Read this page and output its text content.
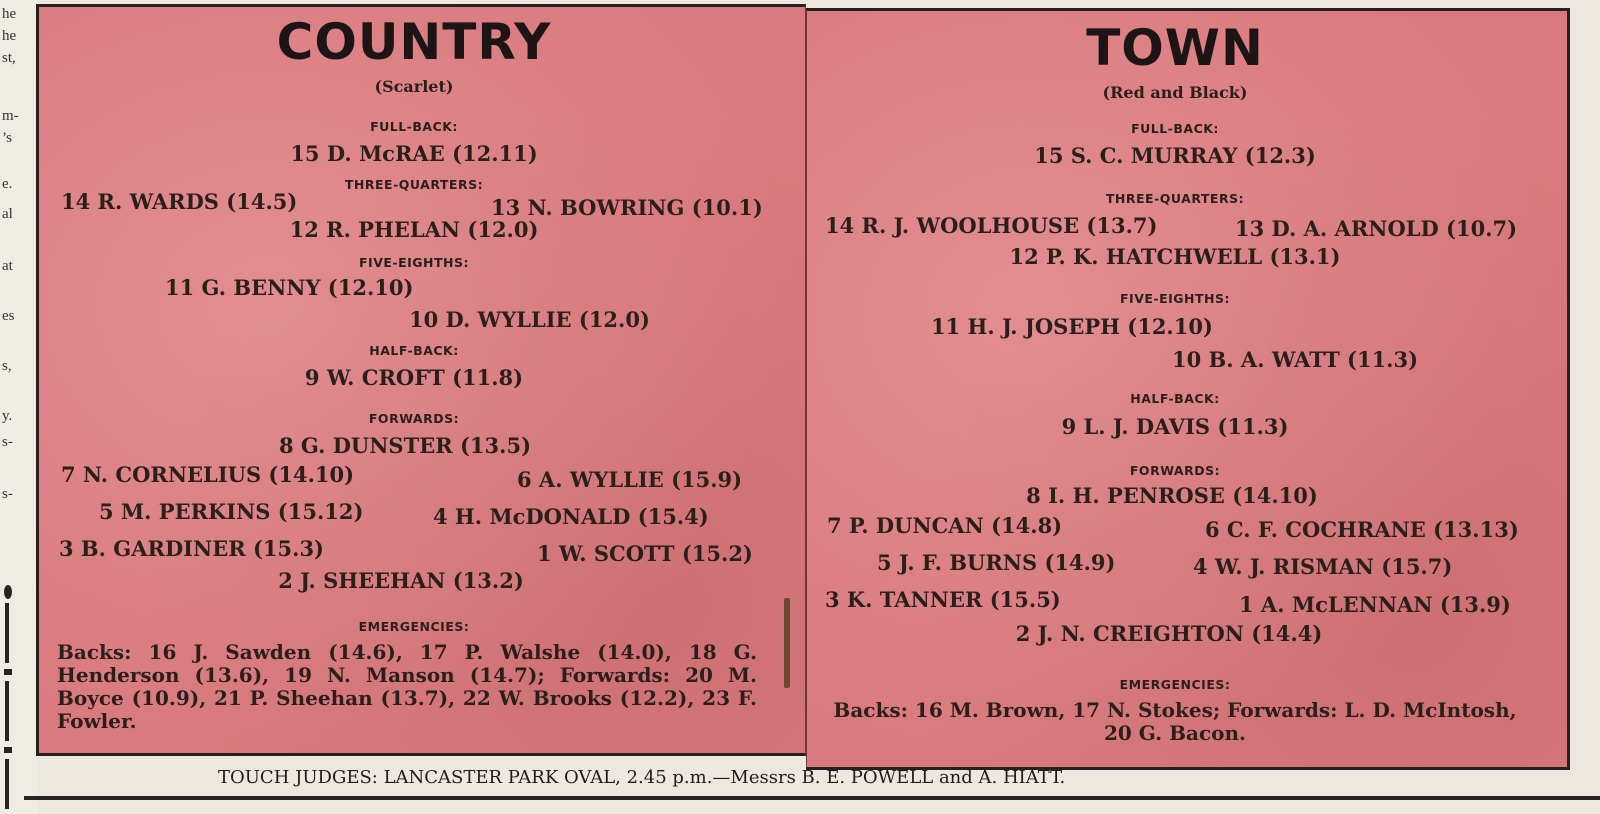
he
he
st,
m-
’s
e.
al
at
es
s,
y.
s-
s-
COUNTRY
(Scarlet)
FULL-BACK:
15 D. McRAE (12.11)
THREE-QUARTERS:
14 R. WARDS (14.5)	13 N. BOWRING (10.1)
12 R. PHELAN (12.0)
FIVE-EIGHTHS:
11 G. BENNY (12.10)
10 D. WYLLIE (12.0)
HALF-BACK:
9 W. CROFT (11.8)
FORWARDS:
8 G. DUNSTER (13.5)
7 N. CORNELIUS (14.10)	6 A. WYLLIE (15.9)
5 M. PERKINS (15.12)	4 H. McDONALD (15.4)
3 B. GARDINER (15.3)	1 W. SCOTT (15.2)
2 J. SHEEHAN (13.2)
EMERGENCIES:
Backs: 16 J. Sawden (14.6), 17 P. Walshe (14.0), 18 G. Henderson (13.6), 19 N. Manson (14.7); Forwards: 20 M. Boyce (10.9), 21 P. Sheehan (13.7), 22 W. Brooks (12.2), 23 F. Fowler.
TOWN
(Red and Black)
FULL-BACK:
15 S. C. MURRAY (12.3)
THREE-QUARTERS:
14 R. J. WOOLHOUSE (13.7)	13 D. A. ARNOLD (10.7)
12 P. K. HATCHWELL (13.1)
FIVE-EIGHTHS:
11 H. J. JOSEPH (12.10)
10 B. A. WATT (11.3)
HALF-BACK:
9 L. J. DAVIS (11.3)
FORWARDS:
8 I. H. PENROSE (14.10)
7 P. DUNCAN (14.8)	6 C. F. COCHRANE (13.13)
5 J. F. BURNS (14.9)	4 W. J. RISMAN (15.7)
3 K. TANNER (15.5)	1 A. McLENNAN (13.9)
2 J. N. CREIGHTON (14.4)
EMERGENCIES:
Backs: 16 M. Brown, 17 N. Stokes; Forwards: L. D. McIntosh, 20 G. Bacon.
TOUCH JUDGES: LANCASTER PARK OVAL, 2.45 p.m.—Messrs B. E. POWELL and A. HIATT.
